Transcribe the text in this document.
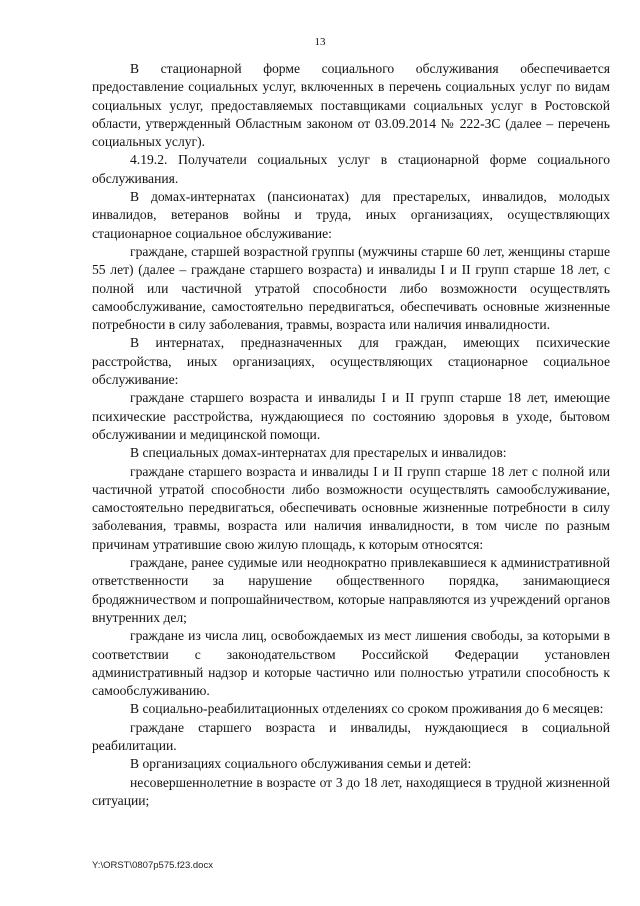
13

В стационарной форме социального обслуживания обеспечивается предоставление социальных услуг, включенных в перечень социальных услуг по видам социальных услуг, предоставляемых поставщиками социальных услуг в Ростовской области, утвержденный Областным законом от 03.09.2014 № 222-ЗС (далее – перечень социальных услуг).

4.19.2. Получатели социальных услуг в стационарной форме социального обслуживания.

В домах-интернатах (пансионатах) для престарелых, инвалидов, молодых инвалидов, ветеранов войны и труда, иных организациях, осуществляющих стационарное социальное обслуживание:

граждане, старшей возрастной группы (мужчины старше 60 лет, женщины старше 55 лет) (далее – граждане старшего возраста) и инвалиды I и II групп старше 18 лет, с полной или частичной утратой способности либо возможности осуществлять самообслуживание, самостоятельно передвигаться, обеспечивать основные жизненные потребности в силу заболевания, травмы, возраста или наличия инвалидности.

В интернатах, предназначенных для граждан, имеющих психические расстройства, иных организациях, осуществляющих стационарное социальное обслуживание:

граждане старшего возраста и инвалиды I и II групп старше 18 лет, имеющие психические расстройства, нуждающиеся по состоянию здоровья в уходе, бытовом обслуживании и медицинской помощи.

В специальных домах-интернатах для престарелых и инвалидов:

граждане старшего возраста и инвалиды I и II групп старше 18 лет с полной или частичной утратой способности либо возможности осуществлять самообслуживание, самостоятельно передвигаться, обеспечивать основные жизненные потребности в силу заболевания, травмы, возраста или наличия инвалидности, в том числе по разным причинам утратившие свою жилую площадь, к которым относятся:

граждане, ранее судимые или неоднократно привлекавшиеся к административной ответственности за нарушение общественного порядка, занимающиеся бродяжничеством и попрошайничеством, которые направляются из учреждений органов внутренних дел;

граждане из числа лиц, освобождаемых из мест лишения свободы, за которыми в соответствии с законодательством Российской Федерации установлен административный надзор и которые частично или полностью утратили способность к самообслуживанию.

В социально-реабилитационных отделениях со сроком проживания до 6 месяцев:

граждане старшего возраста и инвалиды, нуждающиеся в социальной реабилитации.

В организациях социального обслуживания семьи и детей:

несовершеннолетние в возрасте от 3 до 18 лет, находящиеся в трудной жизненной ситуации;

Y:\ORST\0807p575.f23.docx
